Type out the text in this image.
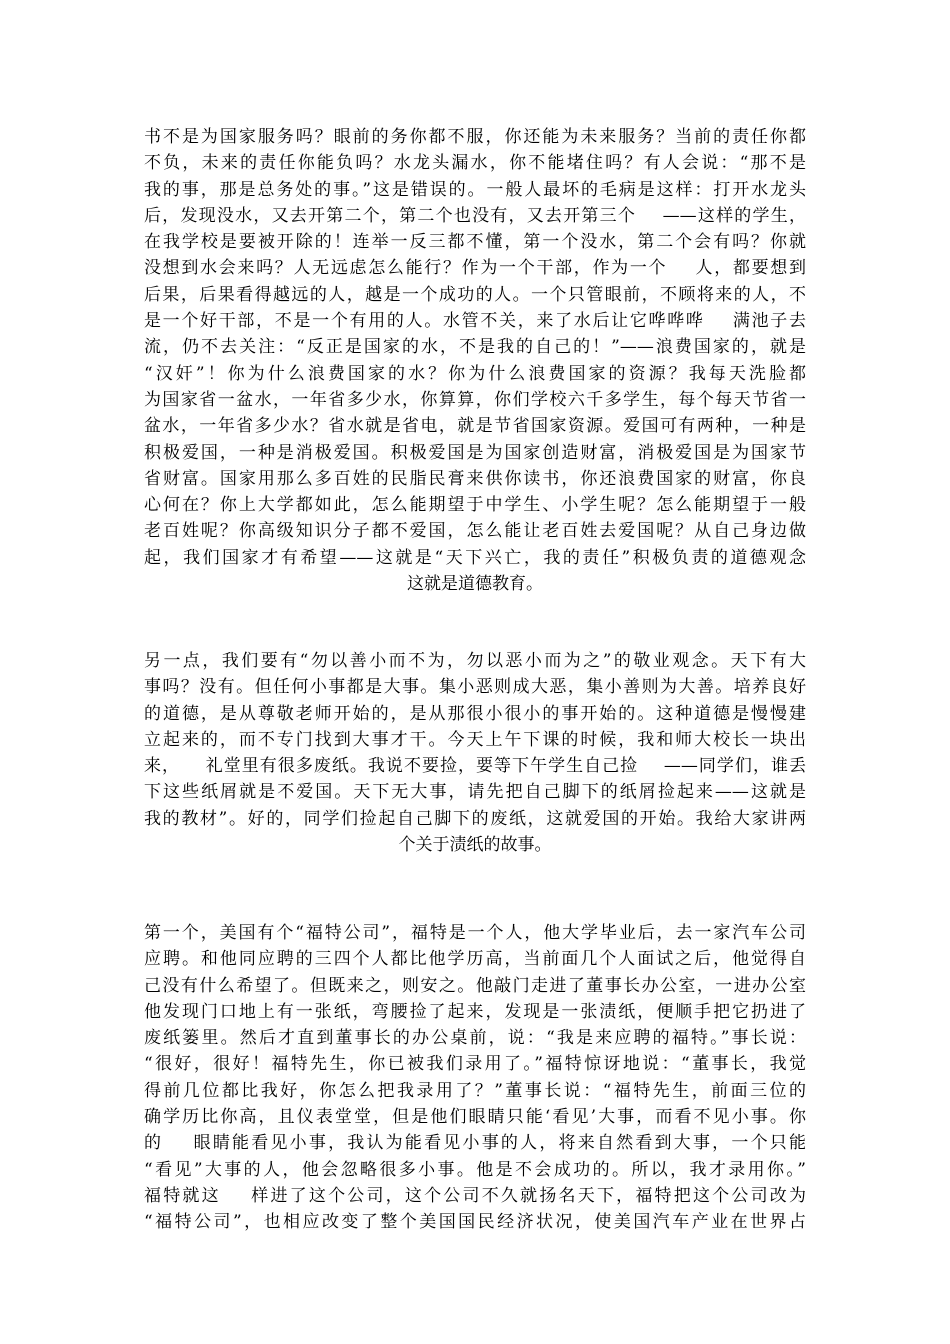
书不是为国家服务吗？眼前的务你都不服，你还能为未来服务？当前的责任你都
不负，未来的责任你能负吗？水龙头漏水，你不能堵住吗？有人会说：“那不是
我的事，那是总务处的事。”这是错误的。一般人最坏的毛病是这样：打开水龙头
后，发现没水，又去开第二个，第二个也没有，又去开第三个    ——这样的学生，
在我学校是要被开除的！连举一反三都不懂，第一个没水，第二个会有吗？你就
没想到水会来吗？人无远虑怎么能行？作为一个干部，作为一个    人，都要想到
后果，后果看得越远的人，越是一个成功的人。一个只管眼前，不顾将来的人，不
是一个好干部，不是一个有用的人。水管不关，来了水后让它哗哗哗    满池子去
流，仍不去关注：“反正是国家的水，不是我的自己的！”——浪费国家的，就是
“汉奸”！你为什么浪费国家的水？你为什么浪费国家的资源？我每天洗脸都
为国家省一盆水，一年省多少水，你算算，你们学校六千多学生，每个每天节省一
盆水，一年省多少水？省水就是省电，就是节省国家资源。爱国可有两种，一种是
积极爱国，一种是消极爱国。积极爱国是为国家创造财富，消极爱国是为国家节
省财富。国家用那么多百姓的民脂民膏来供你读书，你还浪费国家的财富，你良
心何在？你上大学都如此，怎么能期望于中学生、小学生呢？怎么能期望于一般
老百姓呢？你高级知识分子都不爱国，怎么能让老百姓去爱国呢？从自己身边做
起，我们国家才有希望——这就是“天下兴亡，我的责任”积极负责的道德观念
这就是道德教育。
另一点，我们要有“勿以善小而不为，勿以恶小而为之”的敬业观念。天下有大
事吗？没有。但任何小事都是大事。集小恶则成大恶，集小善则为大善。培养良好
的道德，是从尊敬老师开始的，是从那很小很小的事开始的。这种道德是慢慢建
立起来的，而不专门找到大事才干。今天上午下课的时候，我和师大校长一块出
来，    礼堂里有很多废纸。我说不要捡，要等下午学生自己捡    ——同学们，谁丢
下这些纸屑就是不爱国。天下无大事，请先把自己脚下的纸屑捡起来——这就是
我的教材”。好的，同学们捡起自己脚下的废纸，这就爱国的开始。我给大家讲两
个关于渍纸的故事。
第一个，美国有个“福特公司”，福特是一个人，他大学毕业后，去一家汽车公司
应聘。和他同应聘的三四个人都比他学历高，当前面几个人面试之后，他觉得自
己没有什么希望了。但既来之，则安之。他敲门走进了董事长办公室，一进办公室
他发现门口地上有一张纸，弯腰捡了起来，发现是一张渍纸，便顺手把它扔进了
废纸篓里。然后才直到董事长的办公桌前，说：“我是来应聘的福特。”事长说：
“很好，很好！福特先生，你已被我们录用了。”福特惊讶地说：“董事长，我觉
得前几位都比我好，你怎么把我录用了？”董事长说：“福特先生，前面三位的
确学历比你高，且仪表堂堂，但是他们眼睛只能‘看见’大事，而看不见小事。你
的    眼睛能看见小事，我认为能看见小事的人，将来自然看到大事，一个只能
“看见”大事的人，他会忽略很多小事。他是不会成功的。所以，我才录用你。”
福特就这    样进了这个公司，这个公司不久就扬名天下，福特把这个公司改为
“福特公司”，也相应改变了整个美国国民经济状况，使美国汽车产业在世界占
